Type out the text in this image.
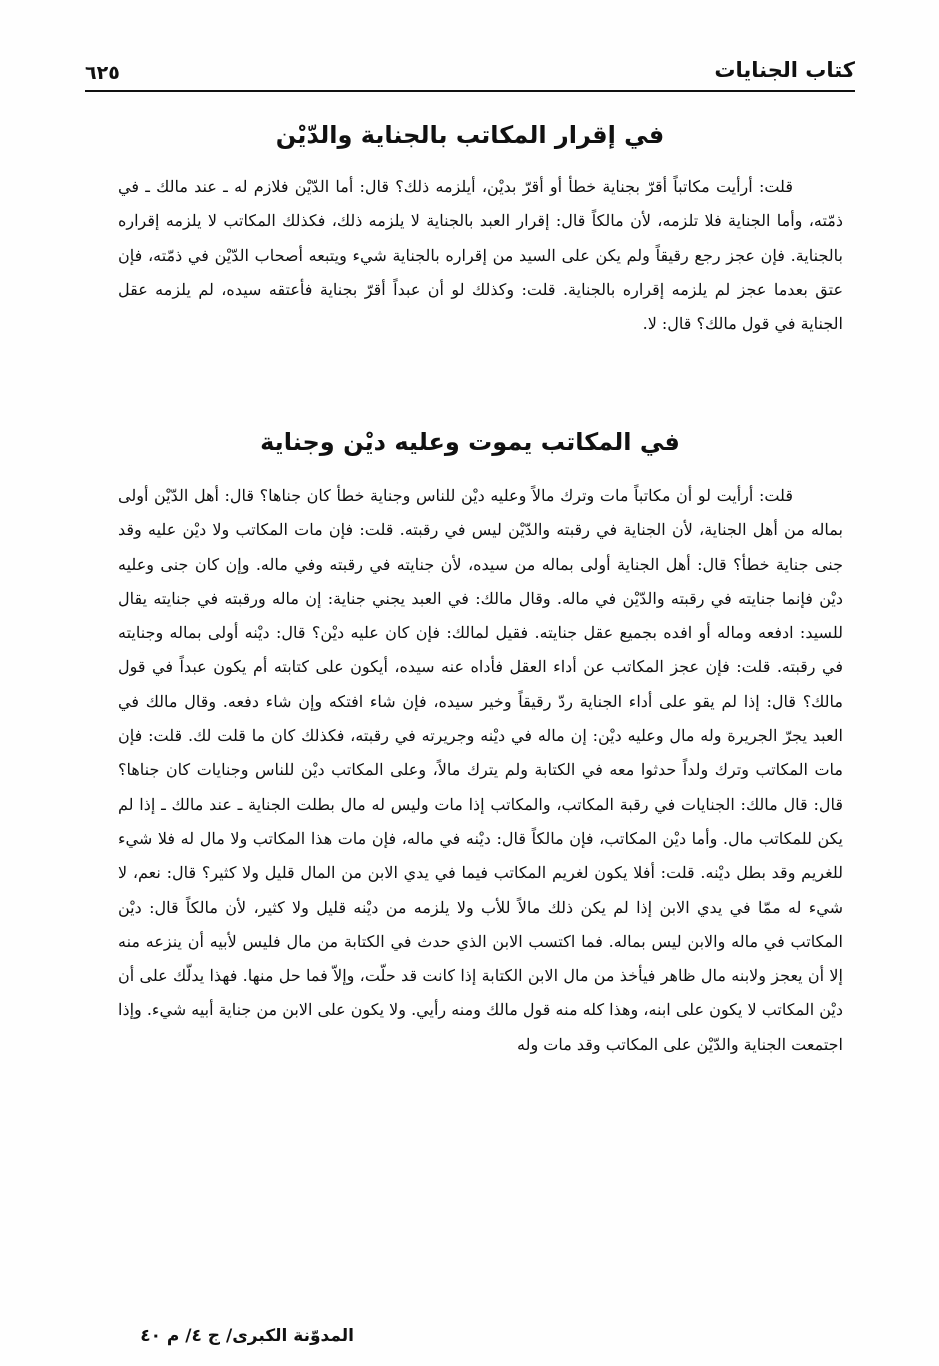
كتاب الجنايات
٦٢٥
في إقرار المكاتب بالجناية والدّيْن

قلت: أرأيت مكاتباً أقرّ بجناية خطأ أو أقرّ بديْن، أيلزمه ذلك؟ قال: أما الدّيْن فلازم له ـ عند مالك ـ في ذمّته، وأما الجناية فلا تلزمه، لأن مالكاً قال: إقرار العبد بالجناية لا يلزمه ذلك، فكذلك المكاتب لا يلزمه إقراره بالجناية. فإن عجز رجع رقيقاً ولم يكن على السيد من إقراره بالجناية شيء ويتبعه أصحاب الدّيْن في ذمّته، فإن عتق بعدما عجز لم يلزمه إقراره بالجناية. قلت: وكذلك لو أن عبداً أقرّ بجناية فأعتقه سيده، لم يلزمه عقل الجناية في قول مالك؟ قال: لا.

في المكاتب يموت وعليه ديْن وجناية

قلت: أرأيت لو أن مكاتباً مات وترك مالاً وعليه ديْن للناس وجناية خطأ كان جناها؟ قال: أهل الدّيْن أولى بماله من أهل الجناية، لأن الجناية في رقبته والدّيْن ليس في رقبته. قلت: فإن مات المكاتب ولا ديْن عليه وقد جنى جناية خطأ؟ قال: أهل الجناية أولى بماله من سيده، لأن جنايته في رقبته وفي ماله. وإن كان جنى وعليه ديْن فإنما جنايته في رقبته والدّيْن في ماله. وقال مالك: في العبد يجني جناية: إن ماله ورقبته في جنايته يقال للسيد: ادفعه وماله أو افده بجميع عقل جنايته. فقيل لمالك: فإن كان عليه ديْن؟ قال: ديْنه أولى بماله وجنايته في رقبته. قلت: فإن عجز المكاتب عن أداء العقل فأداه عنه سيده، أيكون على كتابته أم يكون عبداً في قول مالك؟ قال: إذا لم يقو على أداء الجناية ردّ رقيقاً وخير سيده، فإن شاء افتكه وإن شاء دفعه. وقال مالك في العبد يجرّ الجريرة وله مال وعليه ديْن: إن ماله في ديْنه وجريرته في رقبته، فكذلك كان ما قلت لك. قلت: فإن مات المكاتب وترك ولداً حدثوا معه في الكتابة ولم يترك مالاً، وعلى المكاتب ديْن للناس وجنايات كان جناها؟ قال: قال مالك: الجنايات في رقبة المكاتب، والمكاتب إذا مات وليس له مال بطلت الجناية ـ عند مالك ـ إذا لم يكن للمكاتب مال. وأما ديْن المكاتب، فإن مالكاً قال: ديْنه في ماله، فإن مات هذا المكاتب ولا مال له فلا شيء للغريم وقد بطل ديْنه. قلت: أفلا يكون لغريم المكاتب فيما في يدي الابن من المال قليل ولا كثير؟ قال: نعم، لا شيء له ممّا في يدي الابن إذا لم يكن ذلك مالاً للأب ولا يلزمه من ديْنه قليل ولا كثير، لأن مالكاً قال: ديْن المكاتب في ماله والابن ليس بماله. فما اكتسب الابن الذي حدث في الكتابة من مال فليس لأبيه أن ينزعه منه إلا أن يعجز ولابنه مال ظاهر فيأخذ من مال الابن الكتابة إذا كانت قد حلّت، وإلاّ فما حل منها. فهذا يدلّك على أن ديْن المكاتب لا يكون على ابنه، وهذا كله منه قول مالك ومنه رأيي. ولا يكون على الابن من جناية أبيه شيء. وإذا اجتمعت الجناية والدّيْن على المكاتب وقد مات وله

المدوّنة الكبرى/ ج ٤/ م ٤٠
